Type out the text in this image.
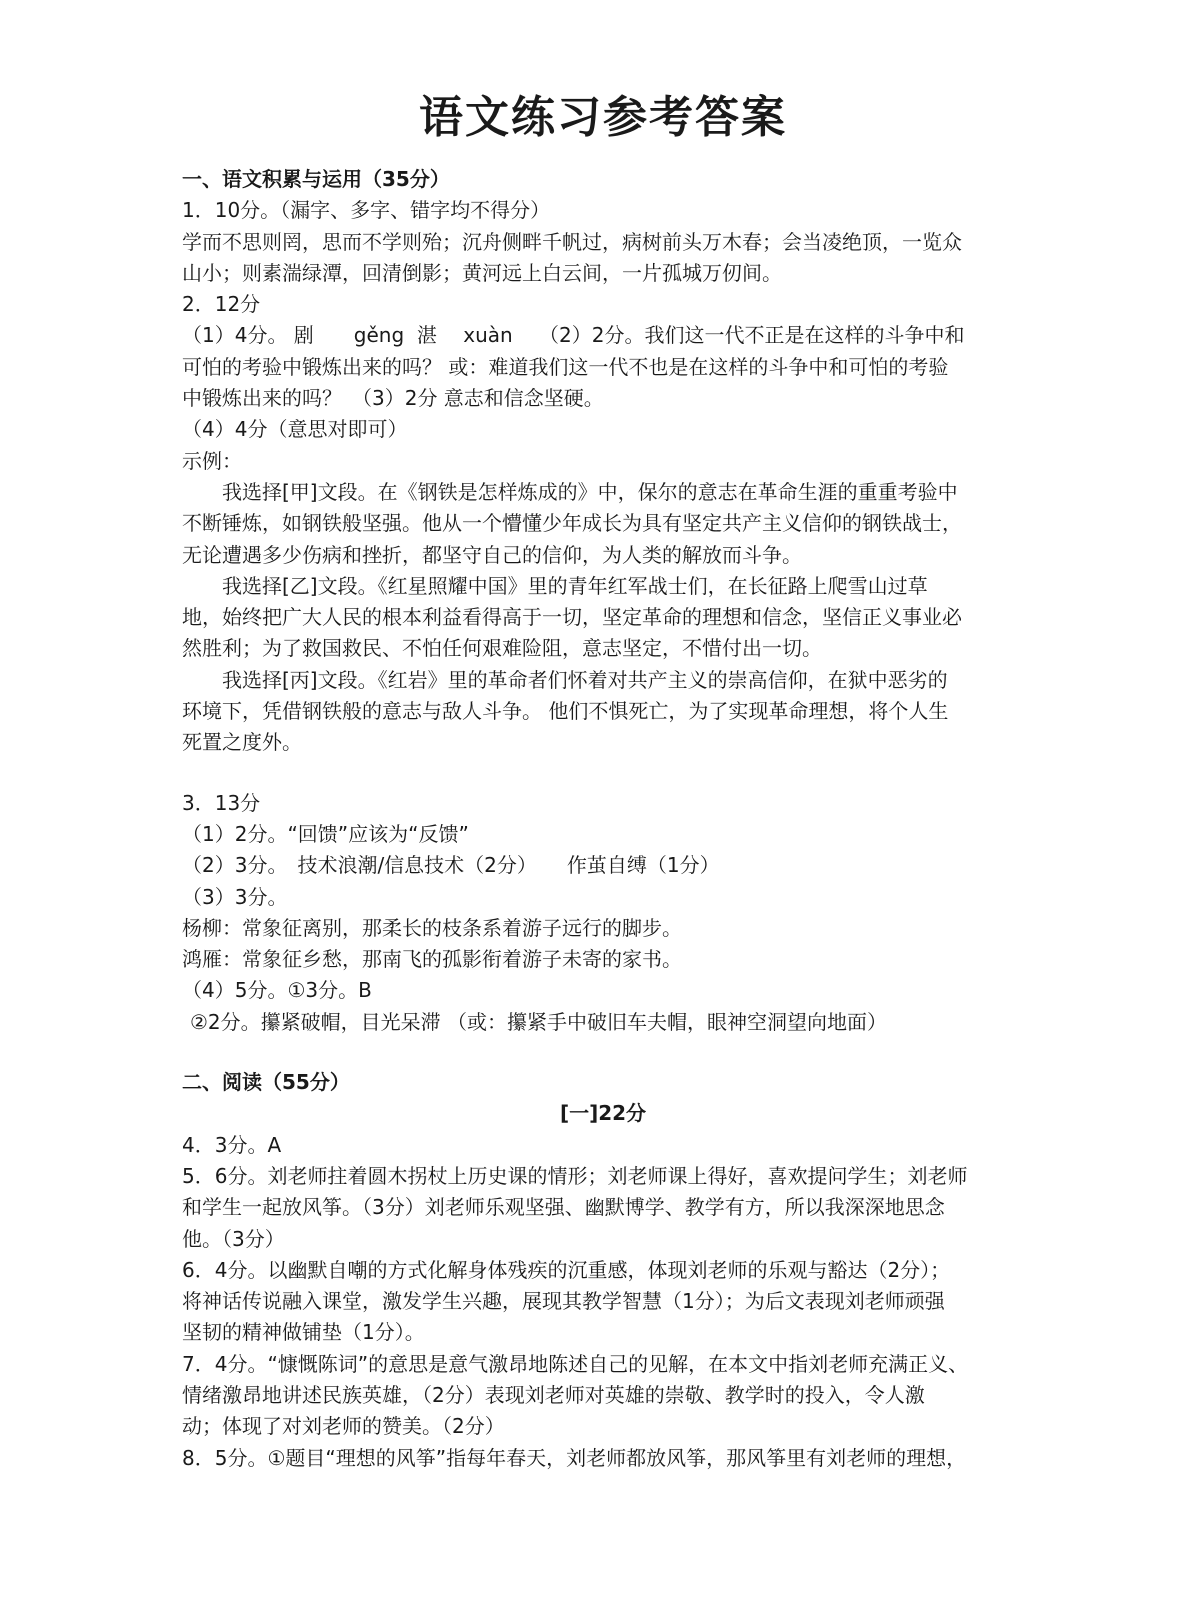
语文练习参考答案

一、语文积累与运用（35分）

1．10分。（漏字、多字、错字均不得分）

学而不思则罔，思而不学则殆；沉舟侧畔千帆过，病树前头万木春；会当凌绝顶，一览众

山小；则素湍绿潭，回清倒影；黄河远上白云间，一片孤城万仞间。

2．12分

（1）4分。 剧　　gěng  湛　 xuàn　 （2）2分。我们这一代不正是在这样的斗争中和

可怕的考验中锻炼出来的吗？ 或：难道我们这一代不也是在这样的斗争中和可怕的考验

中锻炼出来的吗？　（3）2分 意志和信念坚硬。

（4）4分（意思对即可）

示例：

我选择[甲]文段。在《钢铁是怎样炼成的》中，保尔的意志在革命生涯的重重考验中

不断锤炼，如钢铁般坚强。他从一个懵懂少年成长为具有坚定共产主义信仰的钢铁战士，

无论遭遇多少伤病和挫折，都坚守自己的信仰，为人类的解放而斗争。

我选择[乙]文段。《红星照耀中国》里的青年红军战士们，在长征路上爬雪山过草

地，始终把广大人民的根本利益看得高于一切，坚定革命的理想和信念，坚信正义事业必

然胜利；为了救国救民、不怕任何艰难险阻，意志坚定，不惜付出一切。

我选择[丙]文段。《红岩》里的革命者们怀着对共产主义的崇高信仰，在狱中恶劣的

环境下，凭借钢铁般的意志与敌人斗争。 他们不惧死亡，为了实现革命理想，将个人生

死置之度外。

3．13分

（1）2分。“回馈”应该为“反馈”

（2）3分。　技术浪潮/信息技术（2分）　　作茧自缚（1分）

（3）3分。

杨柳：常象征离别，那柔长的枝条系着游子远行的脚步。

鸿雁：常象征乡愁，那南飞的孤影衔着游子未寄的家书。

（4）5分。①3分。B

②2分。攥紧破帽，目光呆滞 （或：攥紧手中破旧车夫帽，眼神空洞望向地面）

二、阅读（55分）

[一]22分

4．3分。A

5．6分。刘老师拄着圆木拐杖上历史课的情形；刘老师课上得好，喜欢提问学生；刘老师

和学生一起放风筝。（3分）刘老师乐观坚强、幽默博学、教学有方，所以我深深地思念

他。（3分）

6．4分。以幽默自嘲的方式化解身体残疾的沉重感，体现刘老师的乐观与豁达（2分）；

将神话传说融入课堂，激发学生兴趣，展现其教学智慧（1分）；为后文表现刘老师顽强

坚韧的精神做铺垫（1分）。

7．4分。“慷慨陈词”的意思是意气激昂地陈述自己的见解，在本文中指刘老师充满正义、

情绪激昂地讲述民族英雄，（2分）表现刘老师对英雄的崇敬、教学时的投入，令人激

动；体现了对刘老师的赞美。（2分）

8．5分。①题目“理想的风筝”指每年春天，刘老师都放风筝，那风筝里有刘老师的理想，
